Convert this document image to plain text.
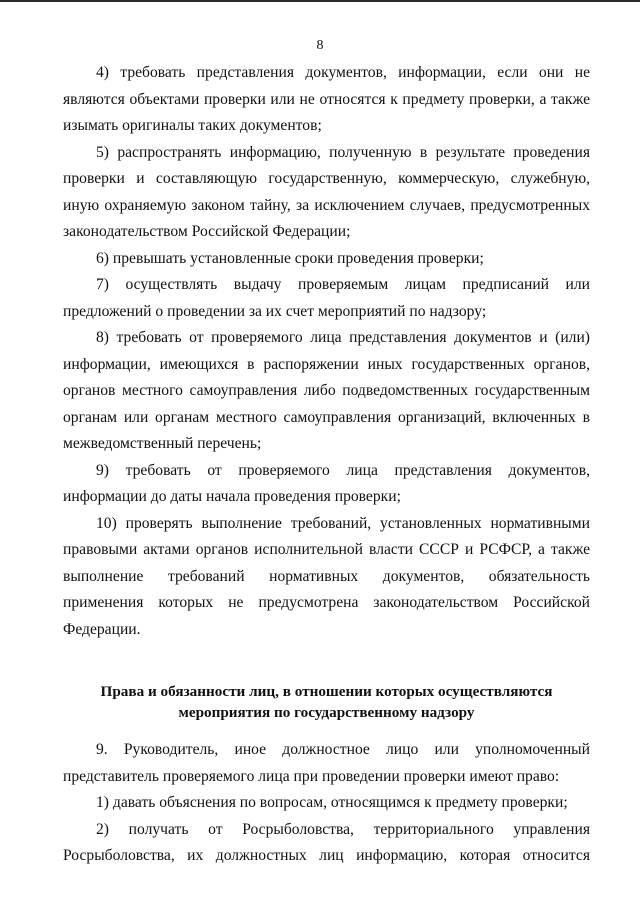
8

4) требовать представления документов, информации, если они не являются объектами проверки или не относятся к предмету проверки, а также изымать оригиналы таких документов;

5) распространять информацию, полученную в результате проведения проверки и составляющую государственную, коммерческую, служебную, иную охраняемую законом тайну, за исключением случаев, предусмотренных законодательством Российской Федерации;

6) превышать установленные сроки проведения проверки;

7) осуществлять выдачу проверяемым лицам предписаний или предложений о проведении за их счет мероприятий по надзору;

8) требовать от проверяемого лица представления документов и (или) информации, имеющихся в распоряжении иных государственных органов, органов местного самоуправления либо подведомственных государственным органам или органам местного самоуправления организаций, включенных в межведомственный перечень;

9) требовать от проверяемого лица представления документов, информации до даты начала проведения проверки;

10) проверять выполнение требований, установленных нормативными правовыми актами органов исполнительной власти СССР и РСФСР, а также выполнение требований нормативных документов, обязательность применения которых не предусмотрена законодательством Российской Федерации.

Права и обязанности лиц, в отношении которых осуществляются
мероприятия по государственному надзору

9. Руководитель, иное должностное лицо или уполномоченный представитель проверяемого лица при проведении проверки имеют право:

1) давать объяснения по вопросам, относящимся к предмету проверки;

2) получать от Росрыболовства, территориального управления Росрыболовства, их должностных лиц информацию, которая относится
